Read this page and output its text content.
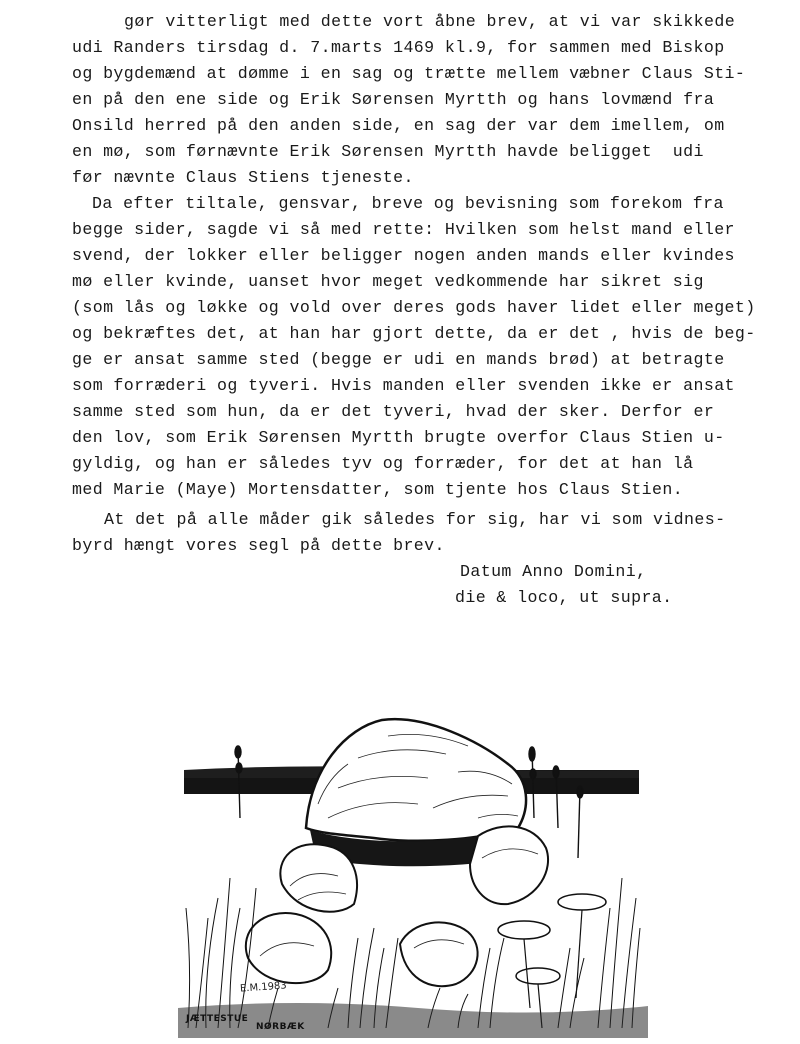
gør vitterligt med dette vort åbne brev, at vi var skikkede
udi Randers tirsdag d. 7.marts 1469 kl.9, for sammen med Biskop
og bygdemænd at dømme i en sag og trætte mellem væbner Claus Sti-
en på den ene side og Erik Sørensen Myrtth og hans lovmænd fra
Onsild herred på den anden side, en sag der var dem imellem, om
en mø, som førnævnte Erik Sørensen Myrtth havde beligget  udi
før nævnte Claus Stiens tjeneste.
Da efter tiltale, gensvar, breve og bevisning som forekom fra
begge sider, sagde vi så med rette: Hvilken som helst mand eller
svend, der lokker eller beligger nogen anden mands eller kvindes
mø eller kvinde, uanset hvor meget vedkommende har sikret sig
(som lås og løkke og vold over deres gods haver lidet eller meget)
og bekræftes det, at han har gjort dette, da er det , hvis de beg-
ge er ansat samme sted (begge er udi en mands brød) at betragte
som forræderi og tyveri. Hvis manden eller svenden ikke er ansat
samme sted som hun, da er det tyveri, hvad der sker. Derfor er
den lov, som Erik Sørensen Myrtth brugte overfor Claus Stien u-
gyldig, og han er således tyv og forræder, for det at han lå
med Marie (Maye) Mortensdatter, som tjente hos Claus Stien.
At det på alle måder gik således for sig, har vi som vidnes-
byrd hængt vores segl på dette brev.
Datum Anno Domini,
die & loco, ut supra.
E.M.1983
JÆTTESTUE
NØRBÆK
